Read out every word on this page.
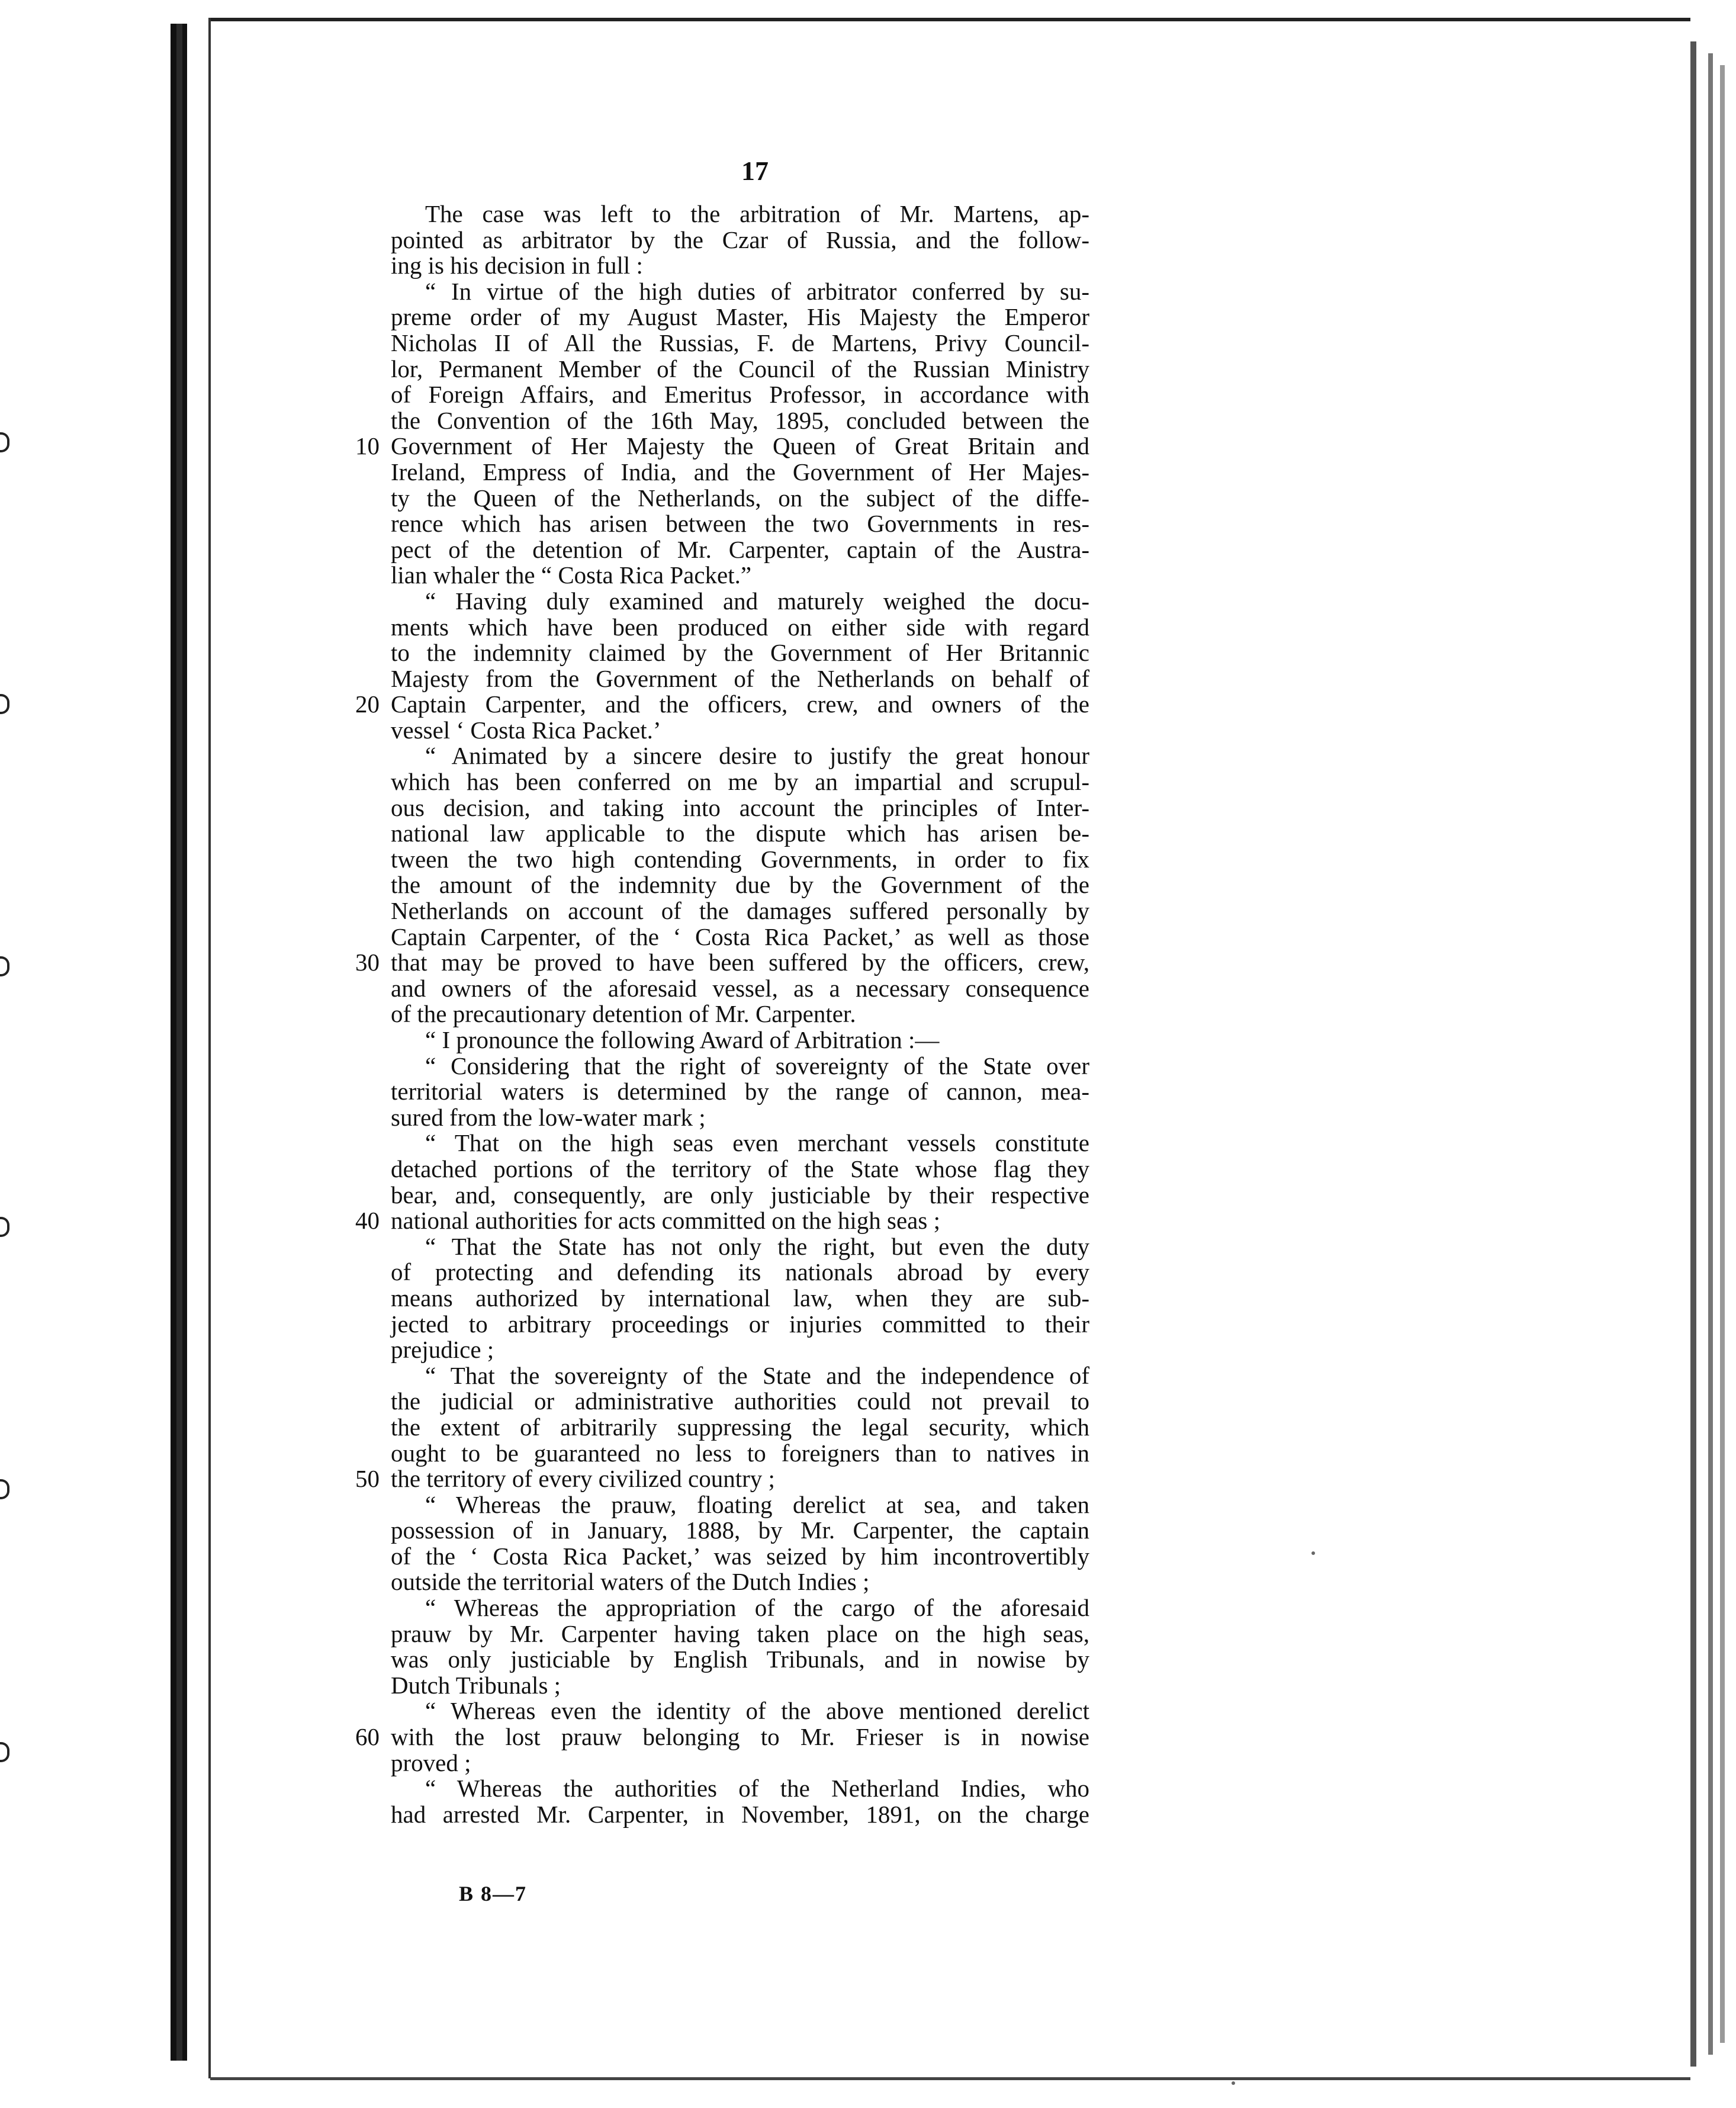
17
10
20
30
40
50
60
The case was left to the arbitration of Mr. Martens, ap-
pointed as arbitrator by the Czar of Russia, and the follow-
ing is his decision in full :
“ In virtue of the high duties of arbitrator conferred by su-
preme order of my August Master, His Majesty the Emperor
Nicholas II of All the Russias, F. de Martens, Privy Council-
lor, Permanent Member of the Council of the Russian Ministry
of Foreign Affairs, and Emeritus Professor, in accordance with
the Convention of the 16th May, 1895, concluded between the
Government of Her Majesty the Queen of Great Britain and
Ireland, Empress of India, and the Government of Her Majes-
ty the Queen of the Netherlands, on the subject of the diffe-
rence which has arisen between the two Governments in res-
pect of the detention of Mr. Carpenter, captain of the Austra-
lian whaler the “ Costa Rica Packet.”
“ Having duly examined and maturely weighed the docu-
ments which have been produced on either side with regard
to the indemnity claimed by the Government of Her Britannic
Majesty from the Government of the Netherlands on behalf of
Captain Carpenter, and the officers, crew, and owners of the
vessel ‘ Costa Rica Packet.’
“ Animated by a sincere desire to justify the great honour
which has been conferred on me by an impartial and scrupul-
ous decision, and taking into account the principles of Inter-
national law applicable to the dispute which has arisen be-
tween the two high contending Governments, in order to fix
the amount of the indemnity due by the Government of the
Netherlands on account of the damages suffered personally by
Captain Carpenter, of the ‘ Costa Rica Packet,’ as well as those
that may be proved to have been suffered by the officers, crew,
and owners of the aforesaid vessel, as a necessary consequence
of the precautionary detention of Mr. Carpenter.
“ I pronounce the following Award of Arbitration :—
“ Considering that the right of sovereignty of the State over
territorial waters is determined by the range of cannon, mea-
sured from the low-water mark ;
“ That on the high seas even merchant vessels constitute
detached portions of the territory of the State whose flag they
bear, and, consequently, are only justiciable by their respective
national authorities for acts committed on the high seas ;
“ That the State has not only the right, but even the duty
of protecting and defending its nationals abroad by every
means authorized by international law, when they are sub-
jected to arbitrary proceedings or injuries committed to their
prejudice ;
“ That the sovereignty of the State and the independence of
the judicial or administrative authorities could not prevail to
the extent of arbitrarily suppressing the legal security, which
ought to be guaranteed no less to foreigners than to natives in
the territory of every civilized country ;
“ Whereas the prauw, floating derelict at sea, and taken
possession of in January, 1888, by Mr. Carpenter, the captain
of the ‘ Costa Rica Packet,’ was seized by him incontrovertibly
outside the territorial waters of the Dutch Indies ;
“ Whereas the appropriation of the cargo of the aforesaid
prauw by Mr. Carpenter having taken place on the high seas,
was only justiciable by English Tribunals, and in nowise by
Dutch Tribunals ;
“ Whereas even the identity of the above mentioned derelict
with the lost prauw belonging to Mr. Frieser is in nowise
proved ;
“ Whereas the authorities of the Netherland Indies, who
had arrested Mr. Carpenter, in November, 1891, on the charge
B 8—7
